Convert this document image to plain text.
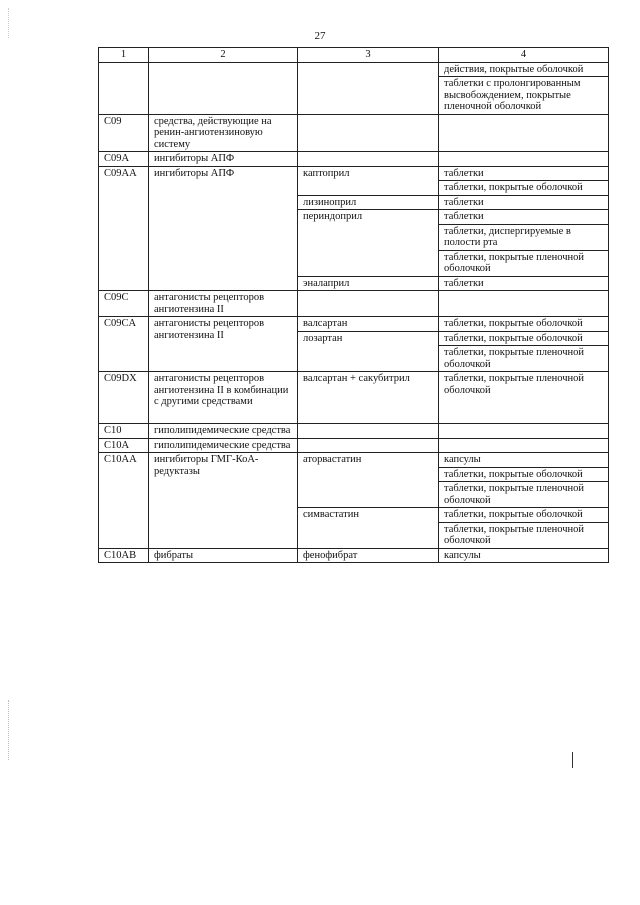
27
1	2	3	4
			действия, покрытые оболочкой
			таблетки с пролонгированным высвобождением, покрытые пленочной оболочкой
C09	средства, действующие на ренин-ангиотензиновую систему		
C09A	ингибиторы АПФ		
C09AA	ингибиторы АПФ	каптоприл	таблетки
			таблетки, покрытые оболочкой
		лизиноприл	таблетки
		периндоприл	таблетки
			таблетки, диспергируемые в полости рта
			таблетки, покрытые пленочной оболочкой
		эналаприл	таблетки
C09C	антагонисты рецепторов ангиотензина II		
C09CA	антагонисты рецепторов ангиотензина II	валсартан	таблетки, покрытые оболочкой
		лозартан	таблетки, покрытые оболочкой
			таблетки, покрытые пленочной оболочкой
C09DX	антагонисты рецепторов ангиотензина II в комбинации с другими средствами	валсартан + сакубитрил	таблетки, покрытые пленочной оболочкой
C10	гиполипидемические средства		
C10A	гиполипидемические средства		
C10AA	ингибиторы ГМГ-КоА-редуктазы	аторвастатин	капсулы
			таблетки, покрытые оболочкой
			таблетки, покрытые пленочной оболочкой
		симвастатин	таблетки, покрытые оболочкой
			таблетки, покрытые пленочной оболочкой
C10AB	фибраты	фенофибрат	капсулы
